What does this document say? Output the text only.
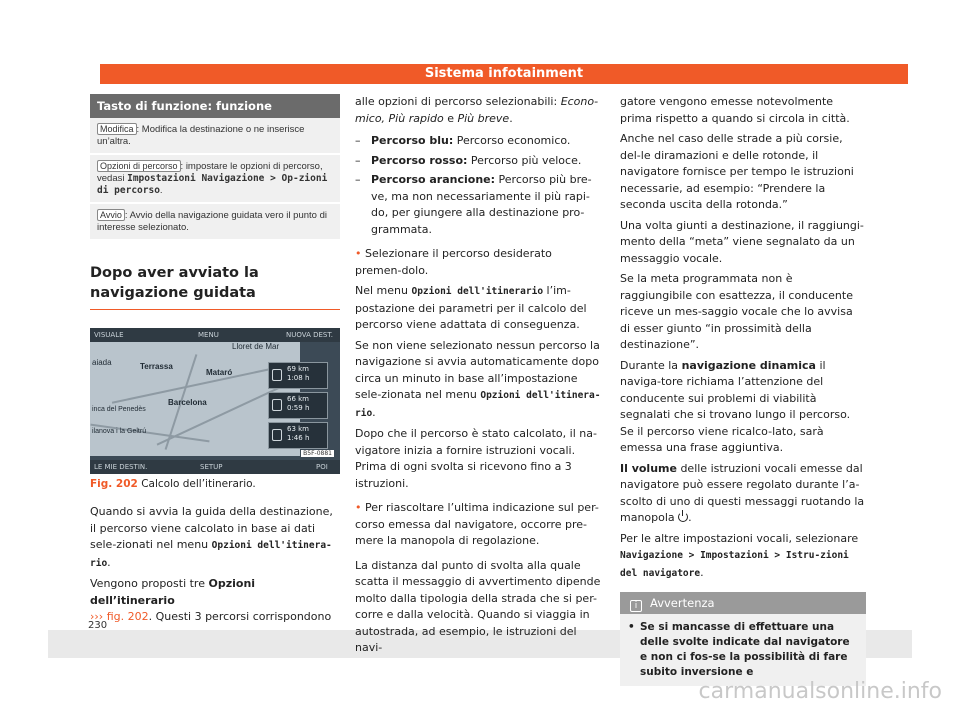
Sistema infotainment
Tasto di funzione: funzione
Modifica : Modifica la destinazione o ne inserisce un’altra.
Opzioni di percorso : impostare le opzioni di percorso, vedasi Impostazioni Navigazione > Op-zioni di percorso.
Avvio : Avvio della navigazione guidata vero il punto di interesse selezionato.
Dopo aver avviato la navigazione guidata
VISUALE	MENU	NUOVA DEST.
Lloret de Mar
Terrassa
Mataró
Barcelona
aiada
inca del Penedès
ilanova i la Geltrú
69 km
1:08 h
66 km
0:59 h
63 km
1:46 h
LE MIE DESTIN.	SETUP	POI
B5F-0881
Fig. 202 Calcolo dell’itinerario.

Quando si avvia la guida della destinazione, il percorso viene calcolato in base ai dati sele-zionati nel menu Opzioni dell'itinera-rio.

Vengono proposti tre Opzioni dell’itinerario
››› fig. 202. Questi 3 percorsi corrispondono

alle opzioni di percorso selezionabili: Econo-mico, Più rapido e Più breve.

– Percorso blu: Percorso economico.
– Percorso rosso: Percorso più veloce.
– Percorso arancione: Percorso più bre-ve, ma non necessariamente il più rapi-do, per giungere alla destinazione pro-grammata.

• Selezionare il percorso desiderato premen-dolo.

Nel menu Opzioni dell'itinerario l’im-postazione dei parametri per il calcolo del percorso viene adattata di conseguenza.

Se non viene selezionato nessun percorso la navigazione si avvia automaticamente dopo circa un minuto in base all’impostazione sele-zionata nel menu Opzioni dell'itinera-rio.

Dopo che il percorso è stato calcolato, il na-vigatore inizia a fornire istruzioni vocali. Prima di ogni svolta si ricevono fino a 3 istruzioni.

• Per riascoltare l’ultima indicazione sul per-corso emessa dal navigatore, occorre pre-mere la manopola di regolazione.

La distanza dal punto di svolta alla quale scatta il messaggio di avvertimento dipende molto dalla tipologia della strada che si per-corre e dalla velocità. Quando si viaggia in autostrada, ad esempio, le istruzioni del navi-

gatore vengono emesse notevolmente prima rispetto a quando si circola in città.

Anche nel caso delle strade a più corsie, del-le diramazioni e delle rotonde, il navigatore fornisce per tempo le istruzioni necessarie, ad esempio: “Prendere la seconda uscita della rotonda.”

Una volta giunti a destinazione, il raggiungi-mento della “meta” viene segnalato da un messaggio vocale.

Se la meta programmata non è raggiungibile con esattezza, il conducente riceve un mes-saggio vocale che lo avvisa di esser giunto “in prossimità della destinazione”.

Durante la navigazione dinamica il naviga-tore richiama l’attenzione del conducente sui problemi di viabilità segnalati che si trovano lungo il percorso. Se il percorso viene ricalco-lato, sarà emessa una frase aggiuntiva.

Il volume delle istruzioni vocali emesse dal navigatore può essere regolato durante l’a-scolto di uno di questi messaggi ruotando la manopola .

Per le altre impostazioni vocali, selezionare Navigazione > Impostazioni > Istru-zioni del navigatore.

i Avvertenza
• Se si mancasse di effettuare una delle svolte indicate dal navigatore e non ci fos-se la possibilità di fare subito inversione e
230
carmanualsonline.info
